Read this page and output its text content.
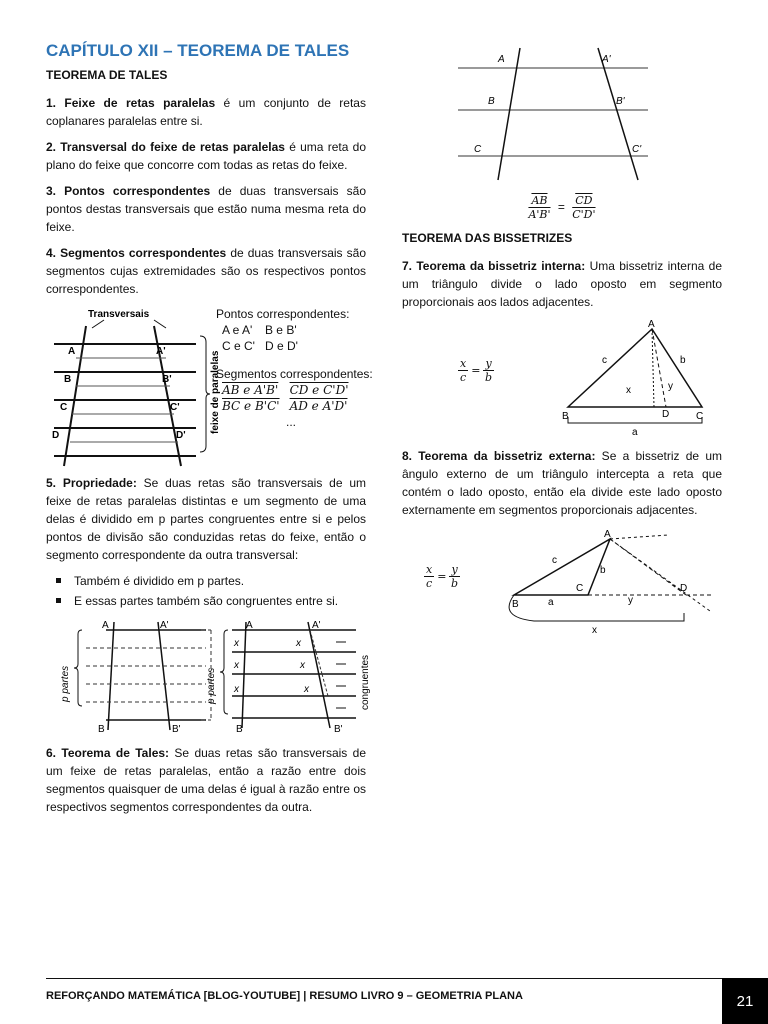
CAPÍTULO XII – TEOREMA DE TALES
TEOREMA DE TALES

1. Feixe de retas paralelas é um conjunto de retas coplanares paralelas entre si.

2. Transversal do feixe de retas paralelas é uma reta do plano do feixe que concorre com todas as retas do feixe.

3. Pontos correspondentes de duas transversais são pontos destas transversais que estão numa mesma reta do feixe.

4. Segmentos correspondentes de duas transversais são segmentos cujas extremidades são os respectivos pontos correspondentes.

Transversais
A
B
C
D
A'
B'
C'
D'
feixe de paralelas
Pontos correspondentes:
A e A'	B e B'
C e C'	D e D'
Segmentos correspondentes:
AB e A'B'	CD e C'D'
BC e B'C'	AD e A'D'
...

5. Propriedade: Se duas retas são transversais de um feixe de retas paralelas distintas e um segmento de uma delas é dividido em p partes congruentes entre si e pelos pontos de divisão são conduzidas retas do feixe, então o segmento correspondente da outra transversal:

Também é dividido em p partes.
E essas partes também são congruentes entre si.
p partes
A	A'
B	B'
p partes	congruentes
A	A'
B	B'
x
x
x
x
x
x

6. Teorema de Tales: Se duas retas são transversais de um feixe de retas paralelas, então a razão entre dois segmentos quaisquer de uma delas é igual à razão entre os respectivos segmentos correspondentes da outra.

A	A'
B	B'
C	C'
$\frac{\overline{AB}}{A'B'} = \frac{\overline{CD}}{C'D'}$
TEOREMA DAS BISSETRIZES

7. Teorema da bissetriz interna: Uma bissetriz interna de um triângulo divide o lado oposto em segmento proporcionais aos lados adjacentes.

$\frac{x}{c} = \frac{y}{b}$
A
B	C
D
a
b
c
x	y

8. Teorema da bissetriz externa: Se a bissetriz de um ângulo externo de um triângulo intercepta a reta que contém o lado oposto, então ela divide este lado oposto externamente em segmentos proporcionais adjacentes.

$\frac{x}{c} = \frac{y}{b}$
A
B
C	D
a
b
c
x
y
REFORÇANDO MATEMÁTICA [BLOG-YOUTUBE] | RESUMO LIVRO 9 – GEOMETRIA PLANA	21
